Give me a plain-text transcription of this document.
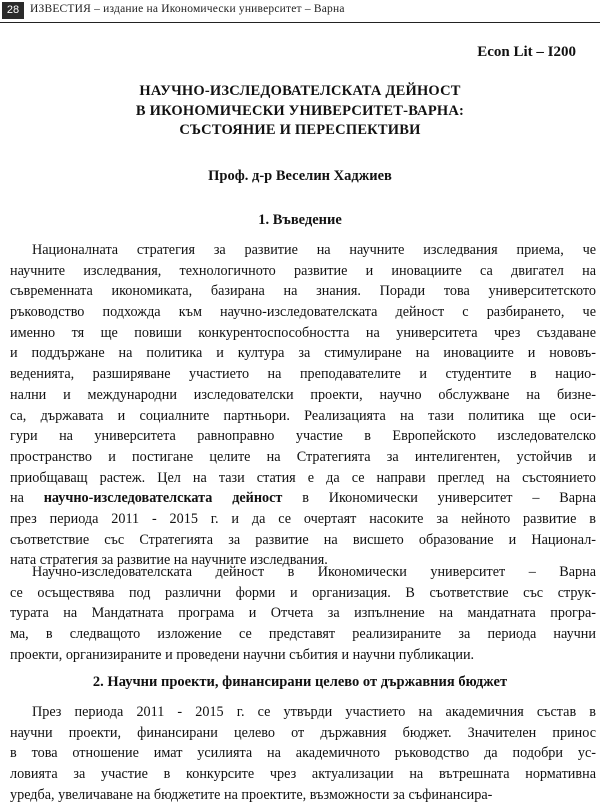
28 ИЗВЕСТИЯ – издание на Икономически университет – Варна
Econ Lit – I200
НАУЧНО-ИЗСЛЕДОВАТЕЛСКАТА ДЕЙНОСТ
В ИКОНОМИЧЕСКИ УНИВЕРСИТЕТ-ВАРНА:
СЪСТОЯНИЕ И ПЕРЕСПЕКТИВИ
Проф. д-р Веселин Хаджиев
1. Въведение
Националната стратегия за развитие на научните изследвания приема, че
научните изследвания, технологичното развитие и иновациите са двигател на
съвременната икономиката, базирана на знания. Поради това университетското
ръководство подхожда към научно-изследователската дейност с разбирането, че
именно тя ще повиши конкурентоспособността на университета чрез създаване
и поддържане на политика и култура за стимулиране на иновациите и нововъ-
веденията, разширяване участието на преподавателите и студентите в нацио-
нални и международни изследователски проекти, научно обслужване на бизне-
са, държавата и социалните партньори. Реализацията на тази политика ще оси-
гури на университета равноправно участие в Европейското изследователско
пространство и постигане целите на Стратегията за интелигентен, устойчив и
приобщаващ растеж. Цел на тази статия е да се направи преглед на състоянието
на научно-изследователската дейност в Икономически университет – Варна
през периода 2011 - 2015 г. и да се очертаят насоките за нейното развитие в
съответствие със Стратегията за развитие на висшето образование и Национал-
ната стратегия за развитие на научните изследвания.
Научно-изследователската дейност в Икономически университет – Варна
се осъществява под различни форми и организация. В съответствие със струк-
турата на Мандатната програма и Отчета за изпълнение на мандатната програ-
ма, в следващото изложение се представят реализираните за периода научни
проекти, организираните и проведени научни събития и научни публикации.
2. Научни проекти, финансирани целево от държавния бюджет
През периода 2011 - 2015 г. се утвърди участието на академичния състав в
научни проекти, финансирани целево от държавния бюджет. Значителен принос
в това отношение имат усилията на академичното ръководство да подобри ус-
ловията за участие в конкурсите чрез актуализации на вътрешната нормативна
уредба, увеличаване на бюджетите на проектите, възможности за съфинансира-
